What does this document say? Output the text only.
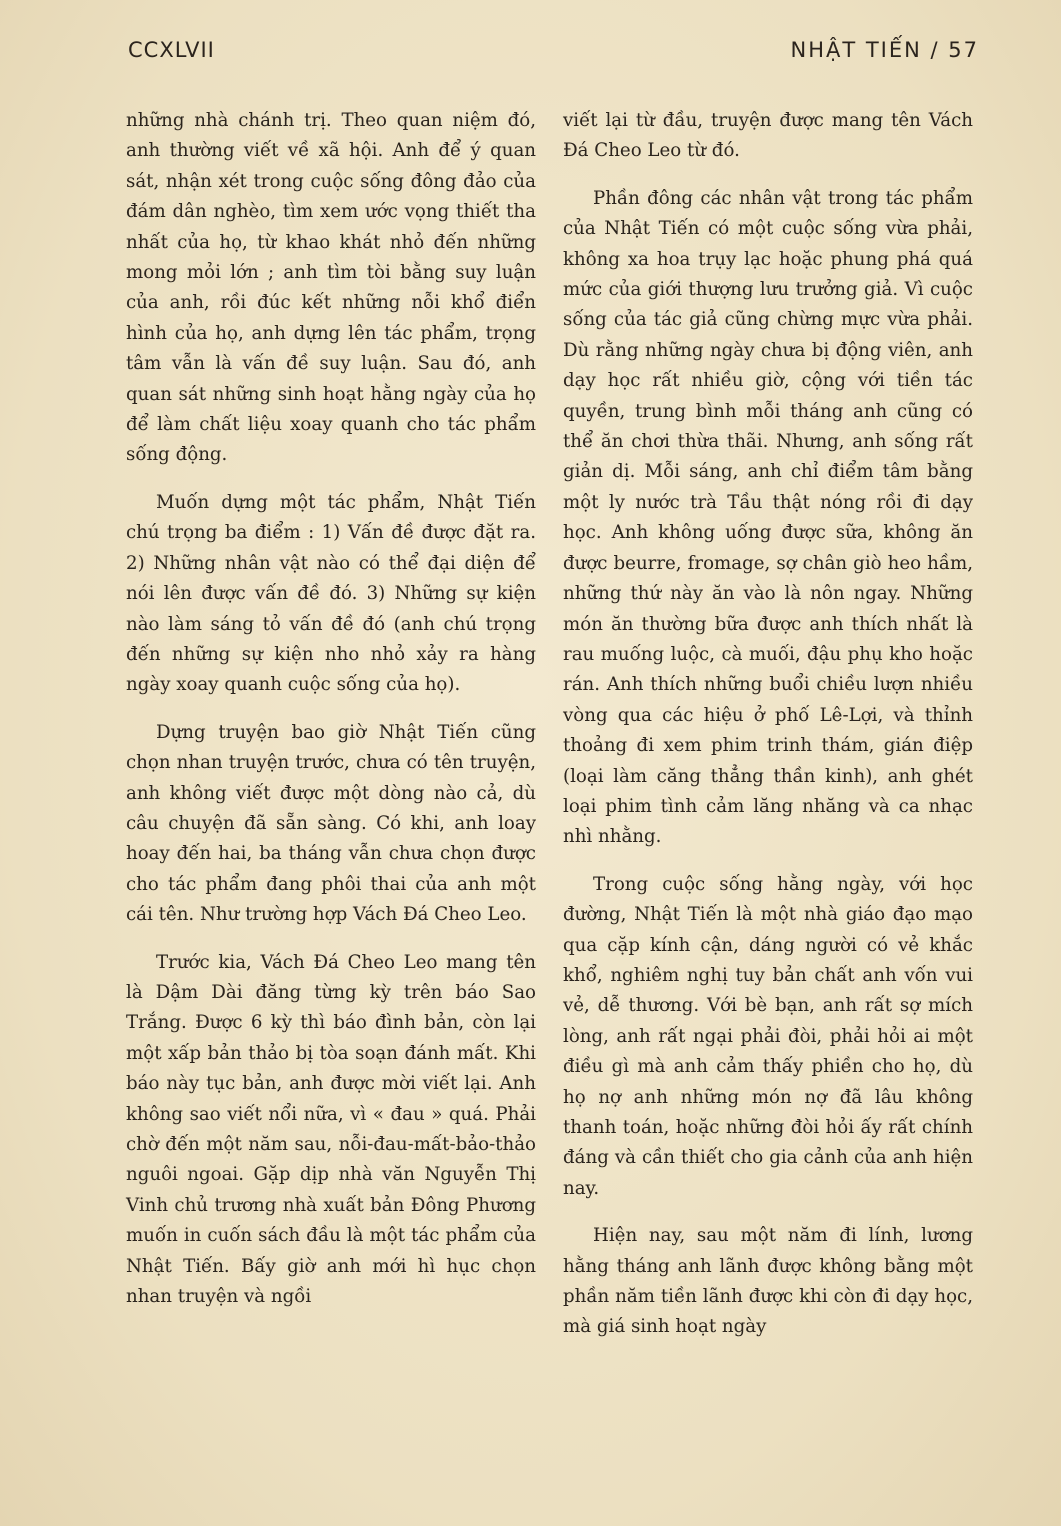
CCXLVII	NHẬT TIẾN / 57

những nhà chánh trị. Theo quan niệm đó, anh thường viết về xã hội. Anh để ý quan sát, nhận xét trong cuộc sống đông đảo của đám dân nghèo, tìm xem ước vọng thiết tha nhất của họ, từ khao khát nhỏ đến những mong mỏi lớn ; anh tìm tòi bằng suy luận của anh, rồi đúc kết những nỗi khổ điển hình của họ, anh dựng lên tác phẩm, trọng tâm vẫn là vấn đề suy luận. Sau đó, anh quan sát những sinh hoạt hằng ngày của họ để làm chất liệu xoay quanh cho tác phẩm sống động.

Muốn dựng một tác phẩm, Nhật Tiến chú trọng ba điểm : 1) Vấn đề được đặt ra. 2) Những nhân vật nào có thể đại diện để nói lên được vấn đề đó. 3) Những sự kiện nào làm sáng tỏ vấn đề đó (anh chú trọng đến những sự kiện nho nhỏ xảy ra hàng ngày xoay quanh cuộc sống của họ).

Dựng truyện bao giờ Nhật Tiến cũng chọn nhan truyện trước, chưa có tên truyện, anh không viết được một dòng nào cả, dù câu chuyện đã sẵn sàng. Có khi, anh loay hoay đến hai, ba tháng vẫn chưa chọn được cho tác phẩm đang phôi thai của anh một cái tên. Như trường hợp Vách Đá Cheo Leo.

Trước kia, Vách Đá Cheo Leo mang tên là Dậm Dài đăng từng kỳ trên báo Sao Trắng. Được 6 kỳ thì báo đình bản, còn lại một xấp bản thảo bị tòa soạn đánh mất. Khi báo này tục bản, anh được mời viết lại. Anh không sao viết nổi nữa, vì « đau » quá. Phải chờ đến một năm sau, nỗi-đau-mất-bảo-thảo nguôi ngoai. Gặp dịp nhà văn Nguyễn Thị Vinh chủ trương nhà xuất bản Đông Phương muốn in cuốn sách đầu là một tác phẩm của Nhật Tiến. Bấy giờ anh mới hì hục chọn nhan truyện và ngồi

viết lại từ đầu, truyện được mang tên Vách Đá Cheo Leo từ đó.

Phần đông các nhân vật trong tác phẩm của Nhật Tiến có một cuộc sống vừa phải, không xa hoa trụy lạc hoặc phung phá quá mức của giới thượng lưu trưởng giả. Vì cuộc sống của tác giả cũng chừng mực vừa phải. Dù rằng những ngày chưa bị động viên, anh dạy học rất nhiều giờ, cộng với tiền tác quyền, trung bình mỗi tháng anh cũng có thể ăn chơi thừa thãi. Nhưng, anh sống rất giản dị. Mỗi sáng, anh chỉ điểm tâm bằng một ly nước trà Tầu thật nóng rồi đi dạy học. Anh không uống được sữa, không ăn được beurre, fromage, sợ chân giò heo hầm, những thứ này ăn vào là nôn ngay. Những món ăn thường bữa được anh thích nhất là rau muống luộc, cà muối, đậu phụ kho hoặc rán. Anh thích những buổi chiều lượn nhiều vòng qua các hiệu ở phố Lê-Lợi, và thỉnh thoảng đi xem phim trinh thám, gián điệp (loại làm căng thẳng thần kinh), anh ghét loại phim tình cảm lăng nhăng và ca nhạc nhì nhằng.

Trong cuộc sống hằng ngày, với học đường, Nhật Tiến là một nhà giáo đạo mạo qua cặp kính cận, dáng người có vẻ khắc khổ, nghiêm nghị tuy bản chất anh vốn vui vẻ, dễ thương. Với bè bạn, anh rất sợ mích lòng, anh rất ngại phải đòi, phải hỏi ai một điều gì mà anh cảm thấy phiền cho họ, dù họ nợ anh những món nợ đã lâu không thanh toán, hoặc những đòi hỏi ấy rất chính đáng và cần thiết cho gia cảnh của anh hiện nay.

Hiện nay, sau một năm đi lính, lương hằng tháng anh lãnh được không bằng một phần năm tiền lãnh được khi còn đi dạy học, mà giá sinh hoạt ngày
